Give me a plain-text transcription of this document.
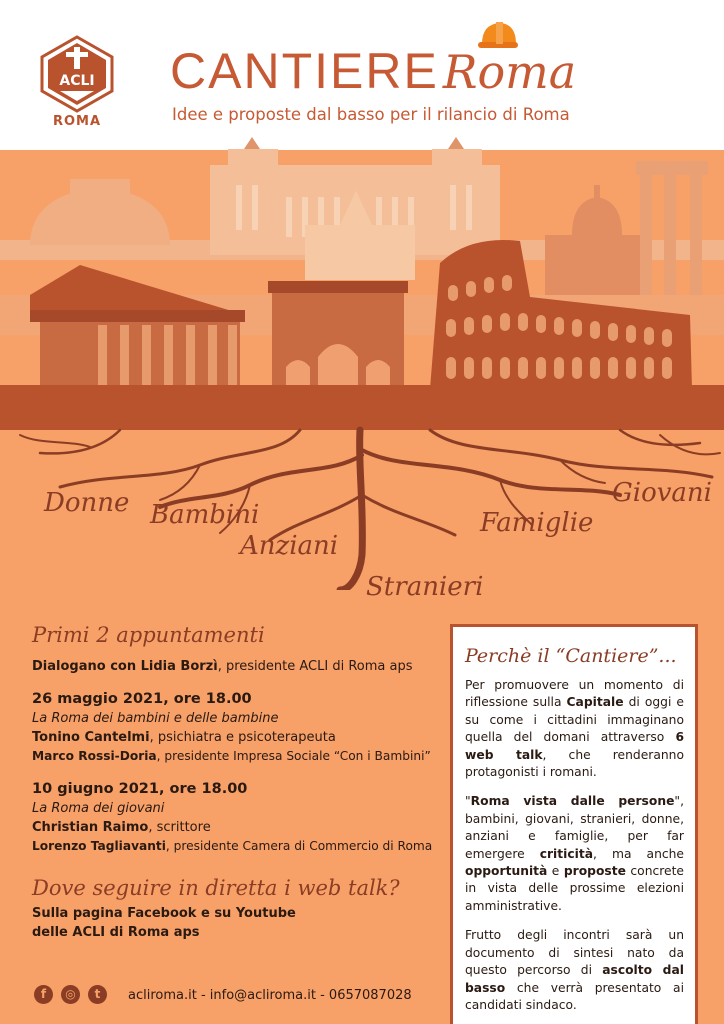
ACLI
ROMA
CANTIERERoma
Idee e proposte dal basso per il rilancio di Roma
Donne Bambini
Anziani
Stranieri
Famiglie
Giovani
Primi 2 appuntamenti
Dialogano con Lidia Borzì, presidente ACLI di Roma aps
26 maggio 2021, ore 18.00
La Roma dei bambini e delle bambine
Tonino Cantelmi, psichiatra e psicoterapeuta
Marco Rossi-Doria, presidente Impresa Sociale “Con i Bambini”
10 giugno 2021, ore 18.00
La Roma dei giovani
Christian Raimo, scrittore
Lorenzo Tagliavanti, presidente Camera di Commercio di Roma
Dove seguire in diretta i web talk?
Sulla pagina Facebook e su Youtube
delle ACLI di Roma aps
Perchè il “Cantiere”...

Per promuovere un momento di riflessione sulla Capitale di oggi e su come i cittadini immaginano quella del domani attraverso 6 web talk, che renderanno protagonisti i romani.

"Roma vista dalle persone", bambini, giovani, stranieri, donne, anziani e famiglie, per far emergere criticità, ma anche opportunità e proposte concrete in vista delle prossime elezioni amministrative.

Frutto degli incontri sarà un documento di sintesi nato da questo percorso di ascolto dal basso che verrà presentato ai candidati sindaco.

f	◎	t	acliroma.it - info@acliroma.it - 0657087028
